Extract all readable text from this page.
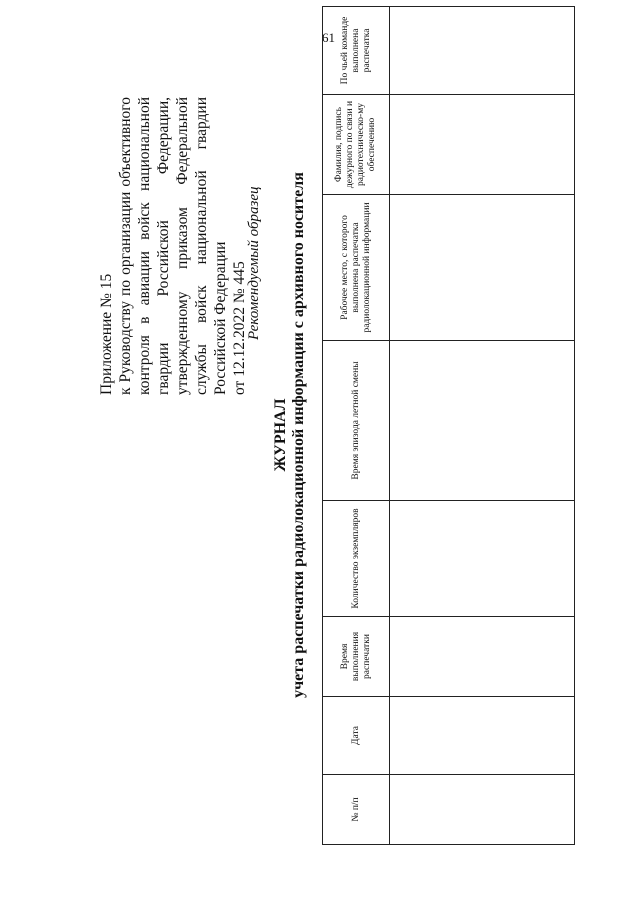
61
Приложение № 15 к Руководству по организации объективного контроля в авиации войск национальной гвардии Российской Федерации, утвержденному приказом Федеральной службы войск национальной гвардии Российской Федерации от 12.12.2022 № 445
Рекомендуемый образец
ЖУРНАЛ учета распечатки радиолокационной информации с архивного носителя
№ п/п	Дата	Время выполнения распечатки	Количество экземпляров	Время эпизода летной смены	Рабочее место, с которого выполнена распечатка радиолокационной информации	Фамилия, подпись дежурного по связи и радиотехническо-му обеспечению	По чьей команде выполнена распечатка
